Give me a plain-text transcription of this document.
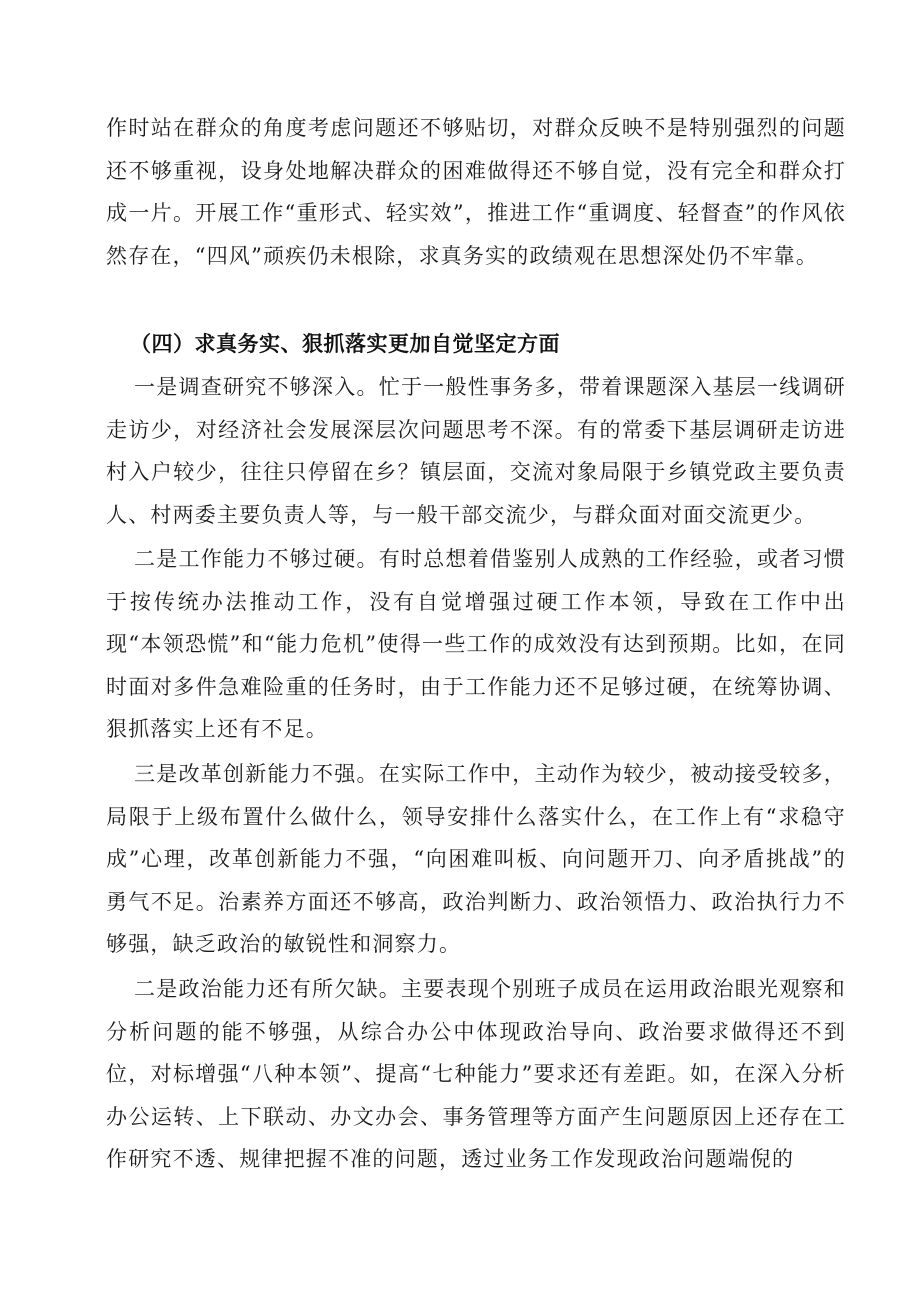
作时站在群众的角度考虑问题还不够贴切，对群众反映不是特别强烈的问题还不够重视，设身处地解决群众的困难做得还不够自觉，没有完全和群众打成一片。开展工作“重形式、轻实效”，推进工作“重调度、轻督查”的作风依然存在，“四风”顽疾仍未根除，求真务实的政绩观在思想深处仍不牢靠。

（四）求真务实、狠抓落实更加自觉坚定方面

一是调查研究不够深入。忙于一般性事务多，带着课题深入基层一线调研走访少，对经济社会发展深层次问题思考不深。有的常委下基层调研走访进村入户较少，往往只停留在乡？镇层面，交流对象局限于乡镇党政主要负责人、村两委主要负责人等，与一般干部交流少，与群众面对面交流更少。

二是工作能力不够过硬。有时总想着借鉴别人成熟的工作经验，或者习惯于按传统办法推动工作，没有自觉增强过硬工作本领，导致在工作中出现“本领恐慌”和“能力危机”使得一些工作的成效没有达到预期。比如，在同时面对多件急难险重的任务时，由于工作能力还不足够过硬，在统筹协调、狠抓落实上还有不足。

三是改革创新能力不强。在实际工作中，主动作为较少，被动接受较多，局限于上级布置什么做什么，领导安排什么落实什么，在工作上有“求稳守成”心理，改革创新能力不强，“向困难叫板、向问题开刀、向矛盾挑战”的勇气不足。治素养方面还不够高，政治判断力、政治领悟力、政治执行力不够强，缺乏政治的敏锐性和洞察力。

二是政治能力还有所欠缺。主要表现个别班子成员在运用政治眼光观察和分析问题的能不够强，从综合办公中体现政治导向、政治要求做得还不到位，对标增强“八种本领”、提高“七种能力”要求还有差距。如，在深入分析办公运转、上下联动、办文办会、事务管理等方面产生问题原因上还存在工作研究不透、规律把握不准的问题，透过业务工作发现政治问题端倪的
